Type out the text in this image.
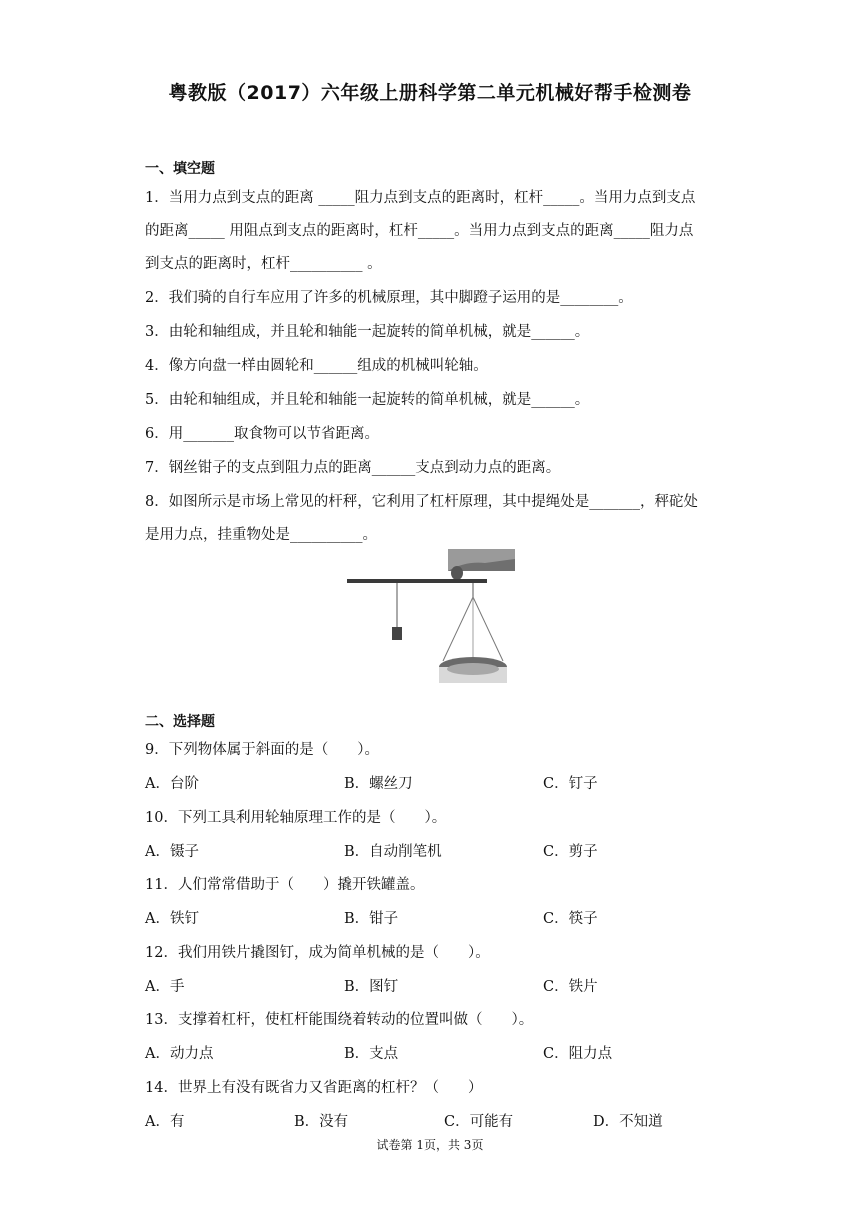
粤教版（2017）六年级上册科学第二单元机械好帮手检测卷
一、填空题
1．当用力点到支点的距离 _____阻力点到支点的距离时，杠杆_____。当用力点到支点
的距离_____ 用阻点到支点的距离时，杠杆_____。当用力点到支点的距离_____阻力点
到支点的距离时，杠杆__________ 。
2．我们骑的自行车应用了许多的机械原理，其中脚蹬子运用的是________。
3．由轮和轴组成，并且轮和轴能一起旋转的简单机械，就是______。
4．像方向盘一样由圆轮和______组成的机械叫轮轴。
5．由轮和轴组成，并且轮和轴能一起旋转的简单机械，就是______。
6．用_______取食物可以节省距离。
7．钢丝钳子的支点到阻力点的距离______支点到动力点的距离。
8．如图所示是市场上常见的杆秤，它利用了杠杆原理，其中提绳处是_______，秤砣处
是用力点，挂重物处是__________。
二、选择题
9．下列物体属于斜面的是（　　）。
A．台阶	B．螺丝刀	C．钉子
10．下列工具利用轮轴原理工作的是（　　）。
A．镊子	B．自动削笔机	C．剪子
11．人们常常借助于（　　）撬开铁罐盖。
A．铁钉	B．钳子	C．筷子
12．我们用铁片撬图钉，成为简单机械的是（　　）。
A．手	B．图钉	C．铁片
13．支撑着杠杆，使杠杆能围绕着转动的位置叫做（　　）。
A．动力点	B．支点	C．阻力点
14．世界上有没有既省力又省距离的杠杆？（　　）
A．有	B．没有	C．可能有	D．不知道
试卷第 1页，共 3页
